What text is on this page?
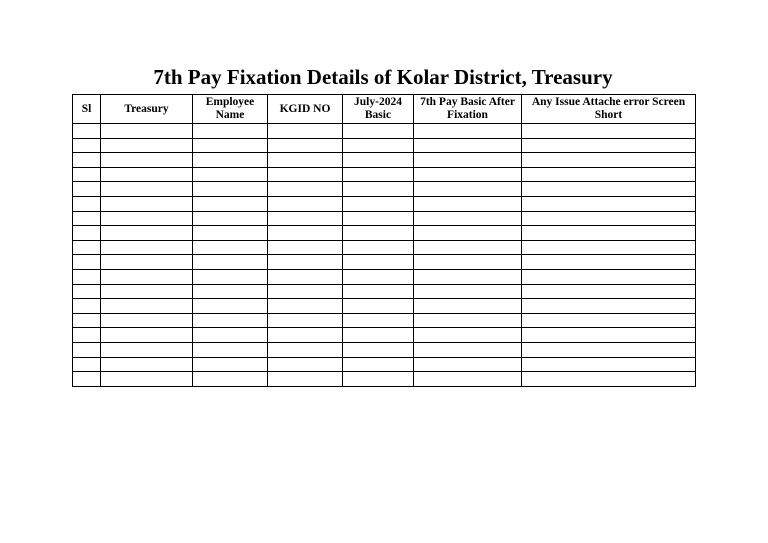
7th Pay Fixation Details of Kolar District, Treasury
Sl	Treasury	Employee Name	KGID NO	July-2024 Basic	7th Pay Basic After Fixation	Any Issue Attache error Screen Short
